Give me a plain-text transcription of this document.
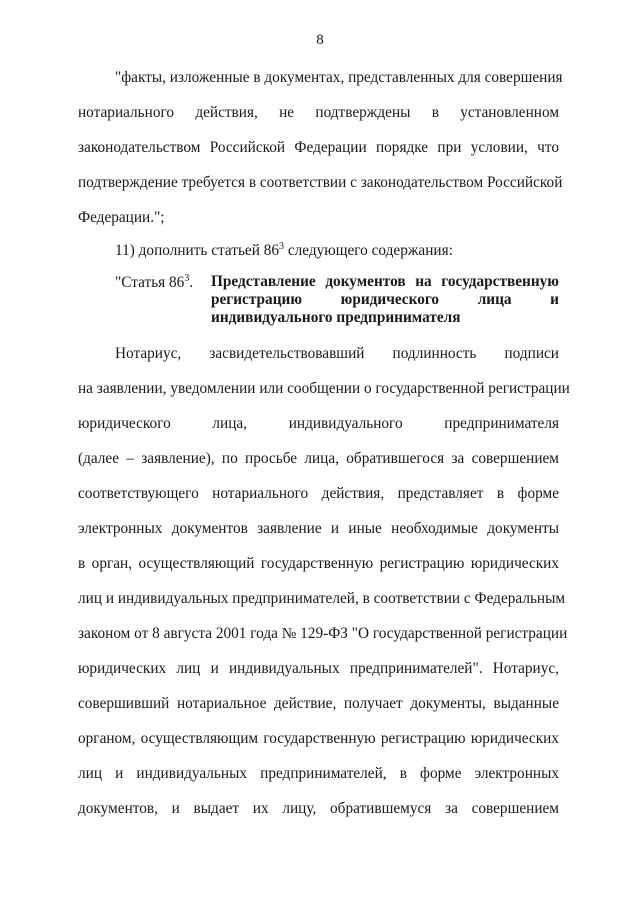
8
"факты, изложенные в документах, представленных для совершения
нотариального действия, не подтверждены в установленном
законодательством Российской Федерации порядке при условии, что
подтверждение требуется в соответствии с законодательством Российской
Федерации.";
11) дополнить статьей $86^3$ следующего содержания:
"Статья $86^3$. Представление документов на государственную
регистрацию юридического лица и
индивидуального предпринимателя
Нотариус, засвидетельствовавший подлинность подписи
на заявлении, уведомлении или сообщении о государственной регистрации
юридического лица, индивидуального предпринимателя
(далее – заявление), по просьбе лица, обратившегося за совершением
соответствующего нотариального действия, представляет в форме
электронных документов заявление и иные необходимые документы
в орган, осуществляющий государственную регистрацию юридических
лиц и индивидуальных предпринимателей, в соответствии с Федеральным
законом от 8 августа 2001 года № 129-ФЗ "О государственной регистрации
юридических лиц и индивидуальных предпринимателей". Нотариус,
совершивший нотариальное действие, получает документы, выданные
органом, осуществляющим государственную регистрацию юридических
лиц и индивидуальных предпринимателей, в форме электронных
документов, и выдает их лицу, обратившемуся за совершением
